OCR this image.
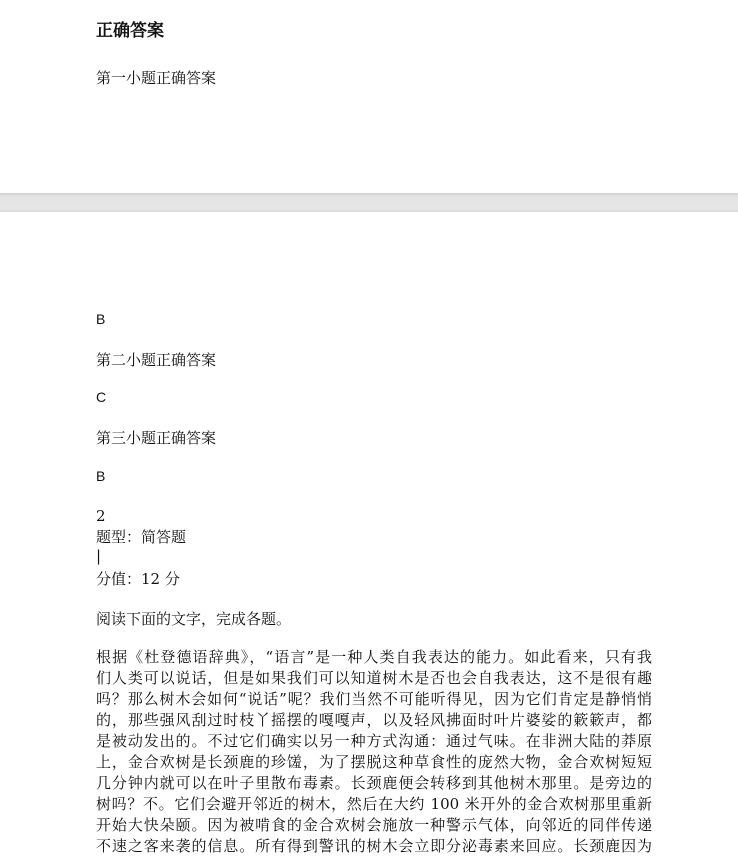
正确答案
第一小题正确答案
B
第二小题正确答案
C
第三小题正确答案
B
2
题型：简答题
|
分值：12 分
阅读下面的文字，完成各题。
根据《杜登德语辞典》，“语言”是一种人类自我表达的能力。如此看来，只有我
们人类可以说话，但是如果我们可以知道树木是否也会自我表达，这不是很有趣
吗？那么树木会如何“说话”呢？我们当然不可能听得见，因为它们肯定是静悄悄
的，那些强风刮过时枝丫摇摆的嘎嘎声，以及轻风拂面时叶片婆娑的簌簌声，都
是被动发出的。不过它们确实以另一种方式沟通：通过气味。在非洲大陆的莽原
上，金合欢树是长颈鹿的珍馐，为了摆脱这种草食性的庞然大物，金合欢树短短
几分钟内就可以在叶子里散布毒素。长颈鹿便会转移到其他树木那里。是旁边的
树吗？不。它们会避开邻近的树木，然后在大约 100 米开外的金合欢树那里重新
开始大快朵颐。因为被啃食的金合欢树会施放一种警示气体，向邻近的同伴传递
不速之客来袭的信息。所有得到警讯的树木会立即分泌毒素来回应。长颈鹿因为
